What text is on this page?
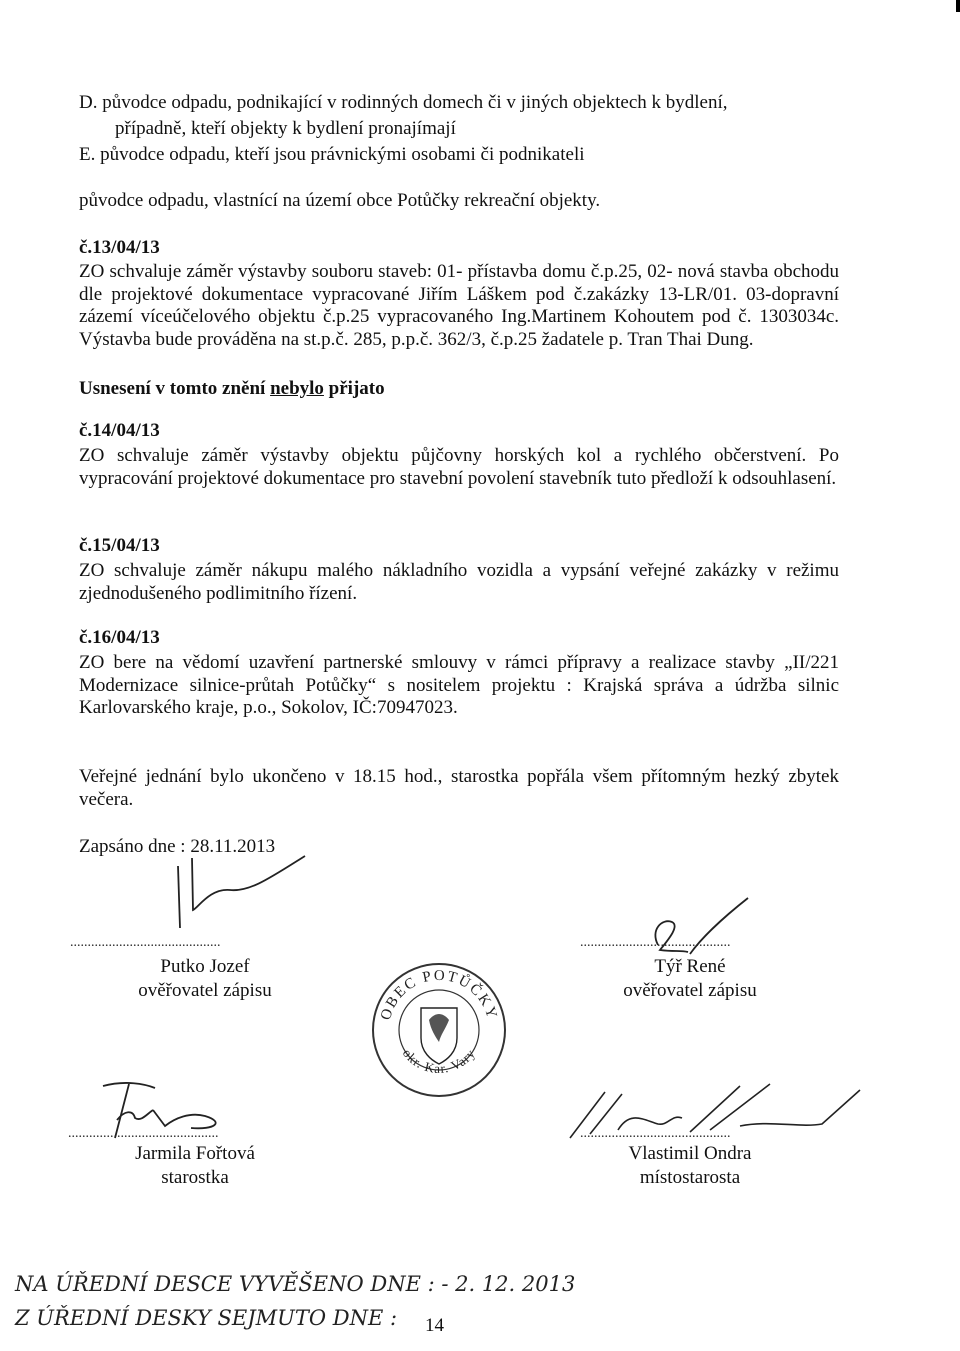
D. původce odpadu, podnikající v rodinných domech či v jiných objektech k bydlení,
případně, kteří objekty k bydlení pronajímají
E. původce odpadu, kteří jsou právnickými osobami či podnikateli
původce odpadu, vlastnící na území obce Potůčky rekreační objekty.
č.13/04/13
ZO schvaluje záměr výstavby souboru staveb: 01- přístavba domu č.p.25, 02- nová stavba obchodu dle projektové dokumentace vypracované Jiřím Láškem pod č.zakázky 13-LR/01. 03-dopravní zázemí víceúčelového objektu č.p.25 vypracovaného Ing.Martinem Kohoutem pod č. 1303034c. Výstavba bude prováděna na st.p.č. 285, p.p.č. 362/3, č.p.25 žadatele p. Tran Thai Dung.
Usnesení v tomto znění nebylo přijato
č.14/04/13
ZO schvaluje záměr výstavby objektu půjčovny horských kol a rychlého občerstvení. Po vypracování projektové dokumentace pro stavební povolení stavebník tuto předloží k odsouhlasení.
č.15/04/13
ZO schvaluje záměr nákupu malého nákladního vozidla a vypsání veřejné zakázky v režimu zjednodušeného podlimitního řízení.
č.16/04/13
ZO bere na vědomí uzavření partnerské smlouvy v rámci přípravy a realizace stavby „II/221 Modernizace silnice-průtah Potůčky“ s nositelem projektu : Krajská správa a údržba silnic Karlovarského kraje, p.o., Sokolov, IČ:70947023.
Veřejné jednání bylo ukončeno v 18.15 hod., starostka popřála všem přítomným hezký zbytek večera.
Zapsáno dne : 28.11.2013
...........................................
Putko Jozef
ověřovatel zápisu
...........................................
Týř René
ověřovatel zápisu
OBEC POTŮČKY
okr. Kar. Vary
...........................................
Jarmila Fořtová
starostka
...........................................
Vlastimil Ondra
místostarosta
NA ÚŘEDNÍ DESCE VYVĚŠENO DNE : - 2. 12. 2013
Z ÚŘEDNÍ DESKY SEJMUTO DNE : 14
